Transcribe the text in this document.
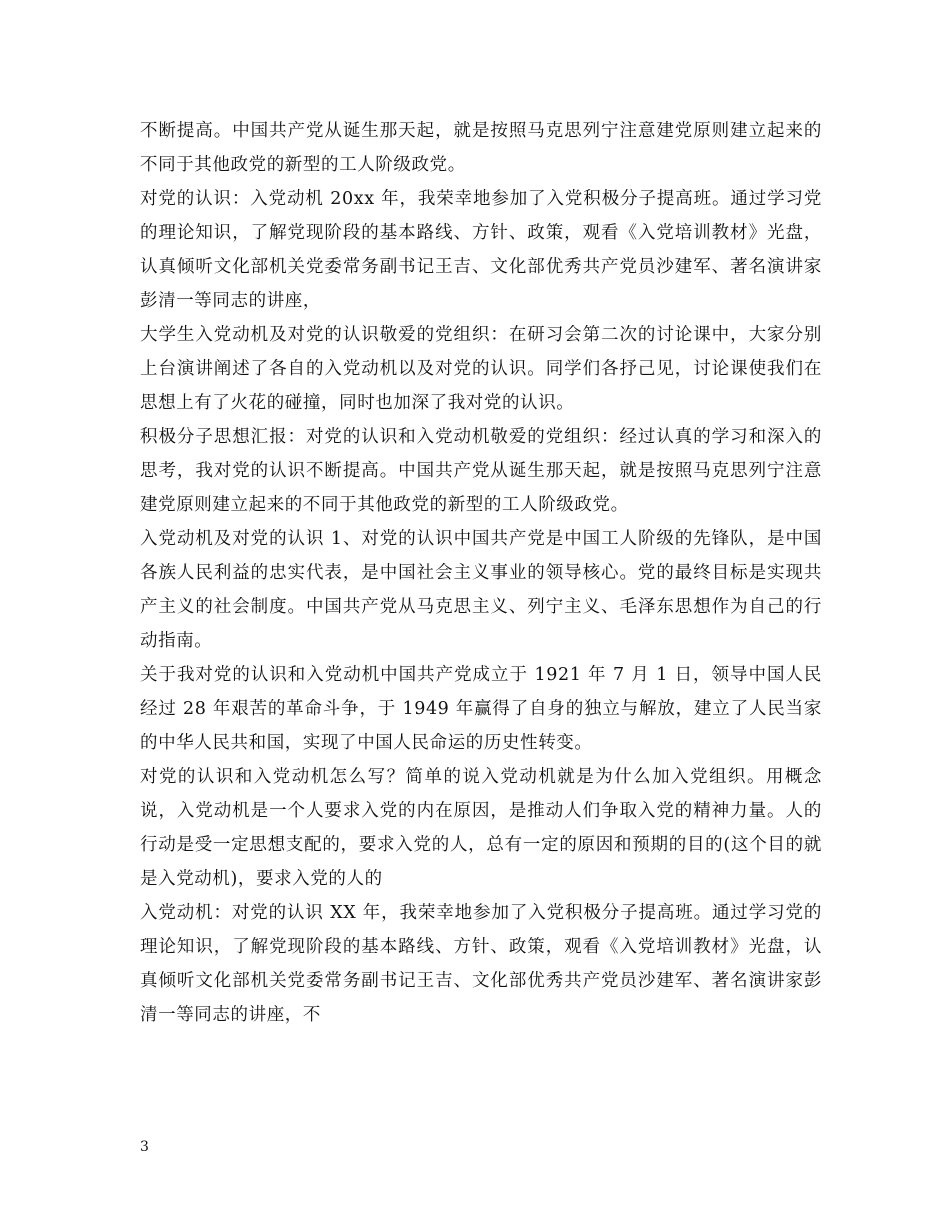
不断提高。中国共产党从诞生那天起，就是按照马克思列宁注意建党原则建立起来的不同于其他政党的新型的工人阶级政党。

对党的认识：入党动机 20xx 年，我荣幸地参加了入党积极分子提高班。通过学习党的理论知识，了解党现阶段的基本路线、方针、政策，观看《入党培训教材》光盘，认真倾听文化部机关党委常务副书记王吉、文化部优秀共产党员沙建军、著名演讲家彭清一等同志的讲座，

大学生入党动机及对党的认识敬爱的党组织：在研习会第二次的讨论课中，大家分别上台演讲阐述了各自的入党动机以及对党的认识。同学们各抒己见，讨论课使我们在思想上有了火花的碰撞，同时也加深了我对党的认识。

积极分子思想汇报：对党的认识和入党动机敬爱的党组织：经过认真的学习和深入的思考，我对党的认识不断提高。中国共产党从诞生那天起，就是按照马克思列宁注意建党原则建立起来的不同于其他政党的新型的工人阶级政党。

入党动机及对党的认识 1、对党的认识中国共产党是中国工人阶级的先锋队，是中国各族人民利益的忠实代表，是中国社会主义事业的领导核心。党的最终目标是实现共产主义的社会制度。中国共产党从马克思主义、列宁主义、毛泽东思想作为自己的行动指南。

关于我对党的认识和入党动机中国共产党成立于 1921 年 7 月 1 日，领导中国人民经过 28 年艰苦的革命斗争，于 1949 年赢得了自身的独立与解放，建立了人民当家的中华人民共和国，实现了中国人民命运的历史性转变。

对党的认识和入党动机怎么写？简单的说入党动机就是为什么加入党组织。用概念说，入党动机是一个人要求入党的内在原因，是推动人们争取入党的精神力量。人的行动是受一定思想支配的，要求入党的人，总有一定的原因和预期的目的(这个目的就是入党动机)，要求入党的人的

入党动机：对党的认识 XX 年，我荣幸地参加了入党积极分子提高班。通过学习党的理论知识，了解党现阶段的基本路线、方针、政策，观看《入党培训教材》光盘，认真倾听文化部机关党委常务副书记王吉、文化部优秀共产党员沙建军、著名演讲家彭清一等同志的讲座，不

3
